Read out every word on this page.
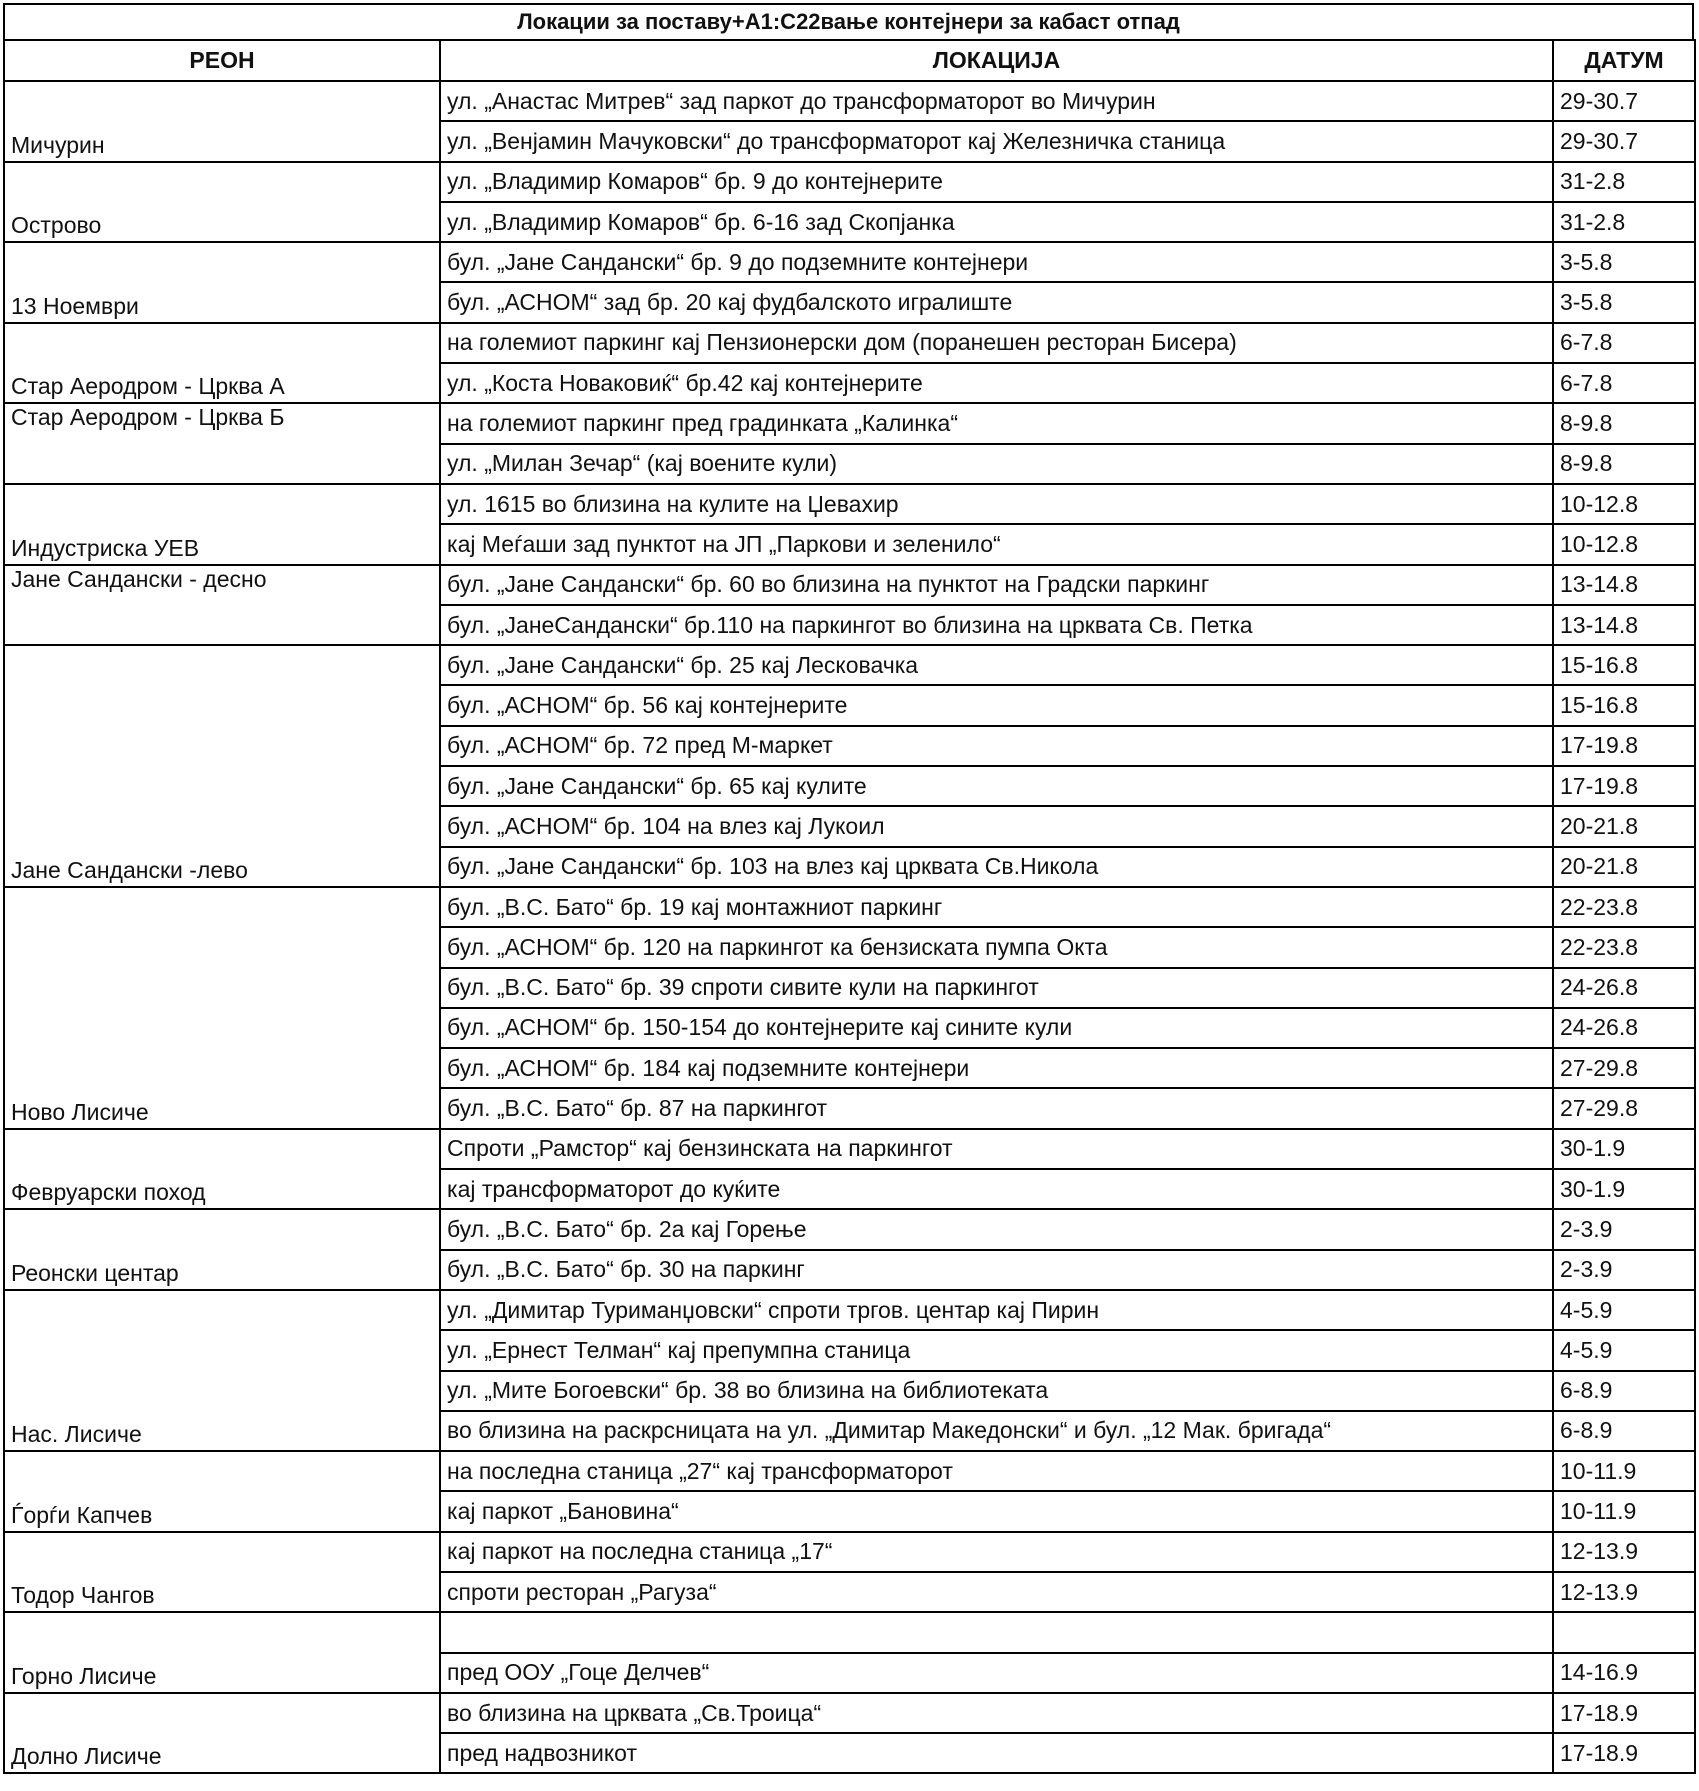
Локации за поставу+A1:C22вање контејнери за кабаст отпад
РЕОН	ЛОКАЦИЈА	ДАТУМ
Мичурин	ул. „Анастас Митрев“ зад паркот до трансформаторот во Мичурин	29-30.7
	ул. „Венјамин Мачуковски“ до трансформаторот кај Железничка станица	29-30.7
Острово	ул. „Владимир Комаров“ бр. 9 до контејнерите	31-2.8
	ул. „Владимир Комаров“ бр. 6-16 зад Скопјанка	31-2.8
13 Ноември	бул. „Јане Сандански“ бр. 9 до подземните контејнери	3-5.8
	бул. „АСНОМ“ зад бр. 20 кај фудбалското игралиште	3-5.8
Стар Аеродром - Црква А	на големиот паркинг кај Пензионерски дом (поранешен ресторан Бисера)	6-7.8
	ул. „Коста Новаковиќ“ бр.42 кај контејнерите	6-7.8
Стар Аеродром - Црква Б	на големиот паркинг пред градинката „Калинка“	8-9.8
	ул. „Милан Зечар“ (кај воените кули)	8-9.8
Индустриска УЕВ	ул. 1615 во близина на кулите на Џевахир	10-12.8
	кај Меѓаши зад пунктот на ЈП „Паркови и зеленило“	10-12.8
Јане Сандански - десно	бул. „Јане Сандански“ бр. 60 во близина на пунктот на Градски паркинг	13-14.8
	бул. „ЈанеСандански“ бр.110 на паркингот во близина на црквата Св. Петка	13-14.8
Јане Сандански -лево	бул. „Јане Сандански“ бр. 25 кај Лесковачка	15-16.8
	бул. „АСНОМ“ бр. 56 кај контејнерите	15-16.8
	бул. „АСНОМ“ бр. 72 пред М-маркет	17-19.8
	бул. „Јане Сандански“ бр. 65 кај кулите	17-19.8
	бул. „АСНОМ“ бр. 104 на влез кај Лукоил	20-21.8
	бул. „Јане Сандански“ бр. 103 на влез кај црквата Св.Никола	20-21.8
Ново Лисиче	бул. „В.С. Бато“ бр. 19 кај монтажниот паркинг	22-23.8
	бул. „АСНОМ“ бр. 120 на паркингот ка бензиската пумпа Окта	22-23.8
	бул. „В.С. Бато“ бр. 39 спроти сивите кули на паркингот	24-26.8
	бул. „АСНОМ“ бр. 150-154 до контејнерите кај сините кули	24-26.8
	бул. „АСНОМ“ бр. 184 кај подземните контејнери	27-29.8
	бул. „В.С. Бато“ бр. 87 на паркингот	27-29.8
Февруарски поход	Спроти „Рамстор“ кај бензинската на паркингот	30-1.9
	кај трансформаторот до куќите	30-1.9
Реонски центар	бул. „В.С. Бато“ бр. 2а кај Горење	2-3.9
	бул. „В.С. Бато“ бр. 30 на паркинг	2-3.9
Нас. Лисиче	ул. „Димитар Туриманџовски“ спроти тргов. центар кај Пирин	4-5.9
	ул. „Ернест Телман“ кај препумпна станица	4-5.9
	ул. „Мите Богоевски“ бр. 38 во близина на библиотеката	6-8.9
	во близина на раскрсницата на ул. „Димитар Македонски“ и бул. „12 Мак. бригада“	6-8.9
Ѓорѓи Капчев	на последна станица „27“ кај трансформаторот	10-11.9
	кај паркот „Бановина“	10-11.9
Тодор Чангов	кај паркот на последна станица „17“	12-13.9
	спроти ресторан „Рагуза“	12-13.9
Горно Лисиче		
	пред ООУ „Гоце Делчев“	14-16.9
Долно Лисиче	во близина на црквата „Св.Троица“	17-18.9
	пред надвозникот	17-18.9
